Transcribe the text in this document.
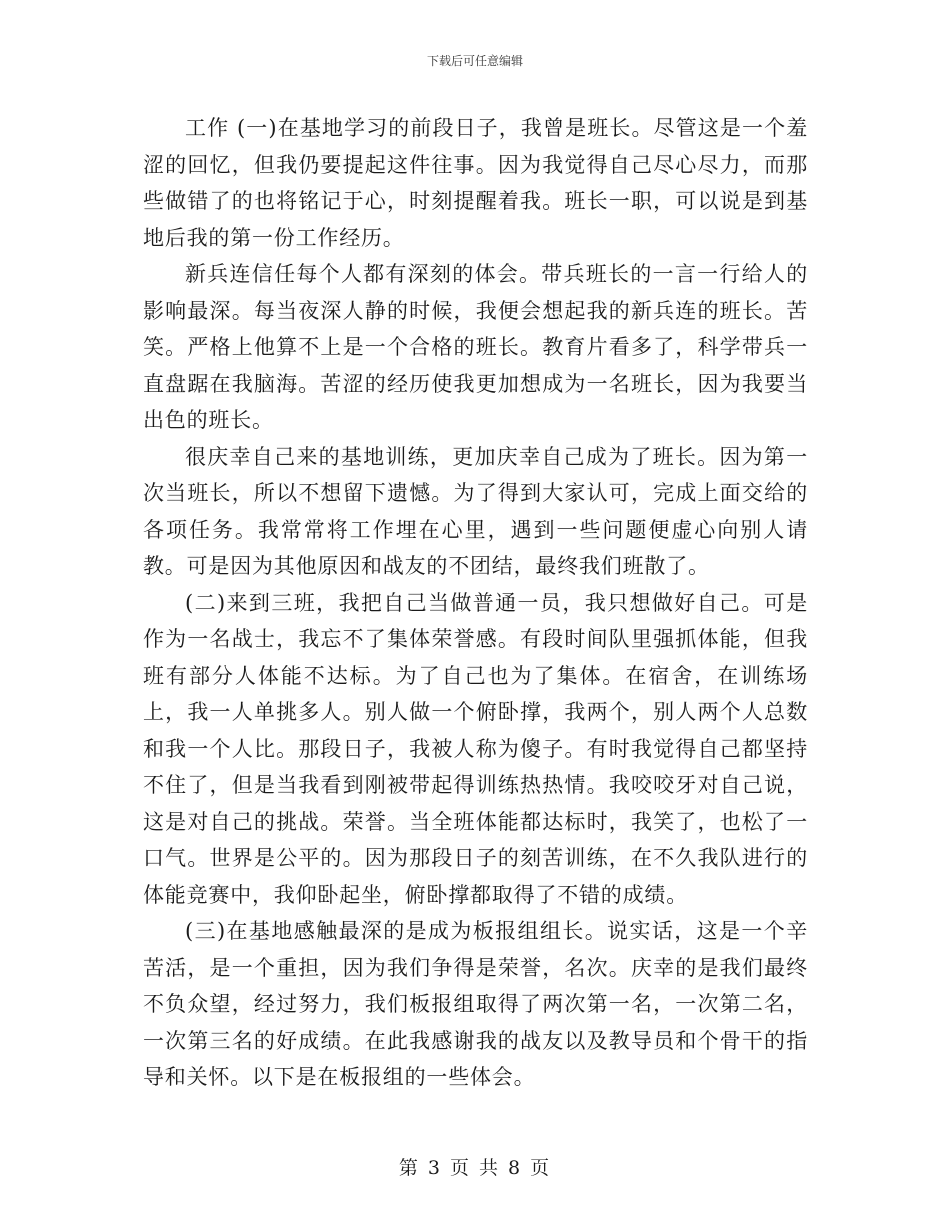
下载后可任意编辑

工作 (一)在基地学习的前段日子，我曾是班长。尽管这是一个羞涩的回忆，但我仍要提起这件往事。因为我觉得自己尽心尽力，而那些做错了的也将铭记于心，时刻提醒着我。班长一职，可以说是到基地后我的第一份工作经历。

新兵连信任每个人都有深刻的体会。带兵班长的一言一行给人的影响最深。每当夜深人静的时候，我便会想起我的新兵连的班长。苦笑。严格上他算不上是一个合格的班长。教育片看多了，科学带兵一直盘踞在我脑海。苦涩的经历使我更加想成为一名班长，因为我要当出色的班长。

很庆幸自己来的基地训练，更加庆幸自己成为了班长。因为第一次当班长，所以不想留下遗憾。为了得到大家认可，完成上面交给的各项任务。我常常将工作埋在心里，遇到一些问题便虚心向别人请教。可是因为其他原因和战友的不团结，最终我们班散了。

(二)来到三班，我把自己当做普通一员，我只想做好自己。可是作为一名战士，我忘不了集体荣誉感。有段时间队里强抓体能，但我班有部分人体能不达标。为了自己也为了集体。在宿舍，在训练场上，我一人单挑多人。别人做一个俯卧撑，我两个，别人两个人总数和我一个人比。那段日子，我被人称为傻子。有时我觉得自己都坚持不住了，但是当我看到刚被带起得训练热热情。我咬咬牙对自己说，这是对自己的挑战。荣誉。当全班体能都达标时，我笑了，也松了一口气。世界是公平的。因为那段日子的刻苦训练，在不久我队进行的体能竞赛中，我仰卧起坐，俯卧撑都取得了不错的成绩。

(三)在基地感触最深的是成为板报组组长。说实话，这是一个辛苦活，是一个重担，因为我们争得是荣誉，名次。庆幸的是我们最终不负众望，经过努力，我们板报组取得了两次第一名，一次第二名，一次第三名的好成绩。在此我感谢我的战友以及教导员和个骨干的指导和关怀。以下是在板报组的一些体会。

第 3 页 共 8 页
